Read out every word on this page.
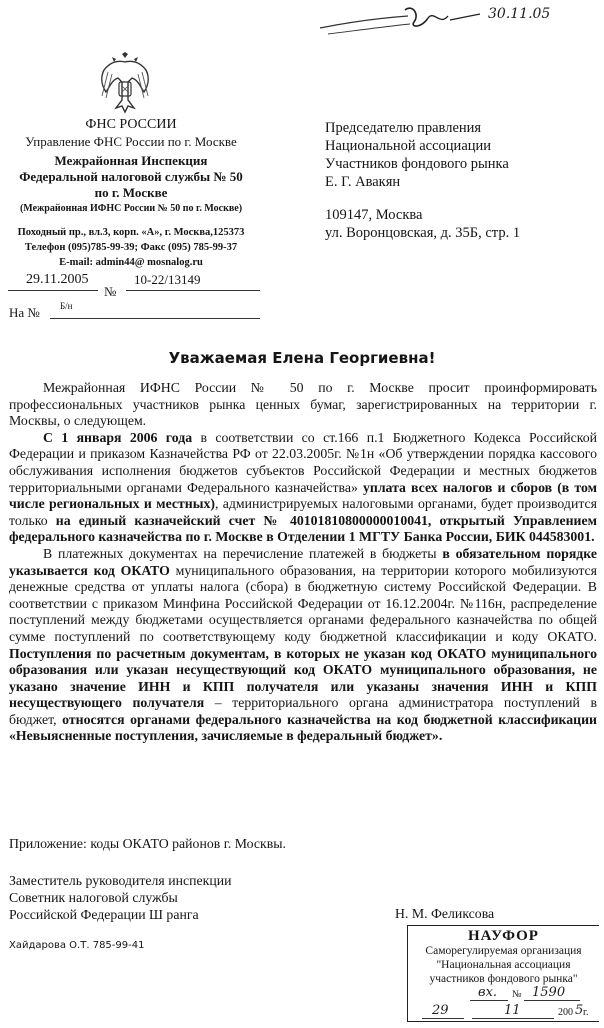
30.11.05
ФНС РОССИИ
Управление ФНС России по г. Москве
Межрайонная Инспекция
Федеральной налоговой службы № 50
по г. Москве
(Межрайонная ИФНС России № 50 по г. Москве)
Походный пр., вл.3, корп. «А», г. Москва,125373
Телефон (095)785-99-39; Факс (095) 785-99-37
E-mail: admin44@ mosnalog.ru
29.11.2005
№
10-22/13149
На № Б/н
Председателю правления
Национальной ассоциации
Участников фондового рынка
Е. Г. Авакян
109147, Москва
ул. Воронцовская, д. 35Б, стр. 1
Уважаемая Елена Георгиевна!

Межрайонная ИФНС России № 50 по г. Москве просит проинформировать профессиональных участников рынка ценных бумаг, зарегистрированных на территории г. Москвы, о следующем.

С 1 января 2006 года в соответствии со ст.166 п.1 Бюджетного Кодекса Российской Федерации и приказом Казначейства РФ от 22.03.2005г. №1н «Об утверждении порядка кассового обслуживания исполнения бюджетов субъектов Российской Федерации и местных бюджетов территориальными органами Федерального казначейства» уплата всех налогов и сборов (в том числе региональных и местных), администрируемых налоговыми органами, будет производится только на единый казначейский счет № 40101810800000010041, открытый Управлением федерального казначейства по г. Москве в Отделении 1 МГТУ Банка России, БИК 044583001.

В платежных документах на перечисление платежей в бюджеты в обязательном порядке указывается код ОКАТО муниципального образования, на территории которого мобилизуются денежные средства от уплаты налога (сбора) в бюджетную систему Российской Федерации. В соответствии с приказом Минфина Российской Федерации от 16.12.2004г. №116н, распределение поступлений между бюджетами осуществляется органами федерального казначейства по общей сумме поступлений по соответствующему коду бюджетной классификации и коду ОКАТО. Поступления по расчетным документам, в которых не указан код ОКАТО муниципального образования или указан несуществующий код ОКАТО муниципального образования, не указано значение ИНН и КПП получателя или указаны значения ИНН и КПП несуществующего получателя – территориального органа администратора поступлений в бюджет, относятся органами федерального казначейства на код бюджетной классификации «Невыясненные поступления, зачисляемые в федеральный бюджет».

Приложение: коды ОКАТО районов г. Москвы.
Заместитель руководителя инспекции
Советник налоговой службы
Российской Федерации Ш ранга	Н. М. Феликсова
Хайдарова О.Т. 785-99-41
НАУФОР
Саморегулируемая организация
"Национальная ассоциация
участников фондового рынка"
вх. № 1590
29	11	200 5 г.
